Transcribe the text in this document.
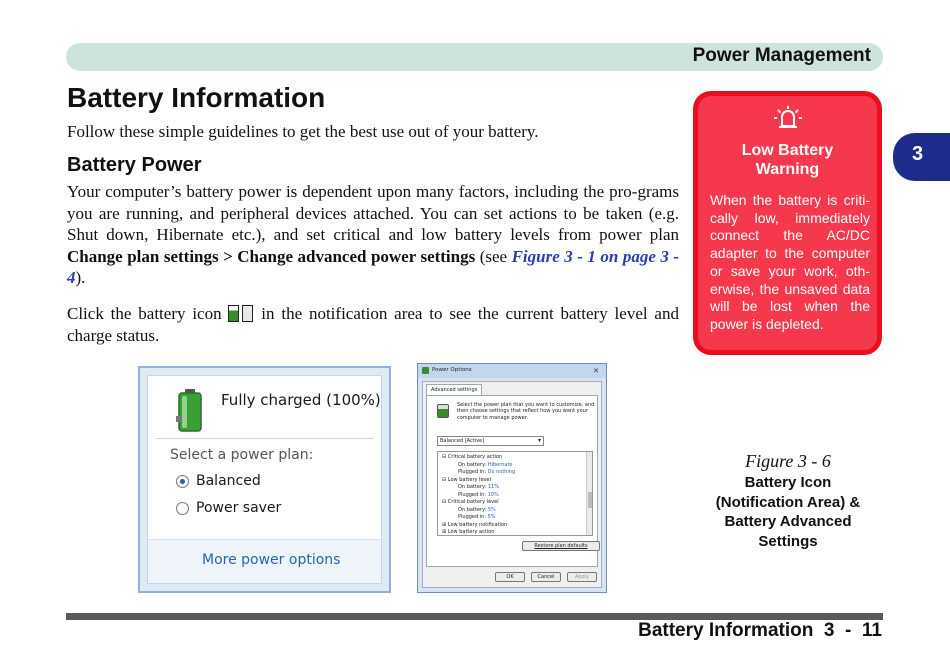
Power Management
3
Battery Information

Follow these simple guidelines to get the best use out of your battery.

Battery Power

Your computer’s battery power is dependent upon many factors, including the pro-grams you are running, and peripheral devices attached. You can set actions to be taken (e.g. Shut down, Hibernate etc.), and set critical and low battery levels from power plan Change plan settings > Change advanced power settings (see Figure 3 - 1 on page 3 - 4).

Click the battery icon
in the notification area to see the current battery level and charge status.

Low Battery
Warning
When the battery is criti-cally low, immediately connect the AC/DC adapter to the computer or save your work, oth-erwise, the unsaved data will be lost when the power is depleted.
Fully charged (100%)
Select a power plan:
Balanced
Power saver
More power options
Power Options	✕
Advanced settings
Select the power plan that you want to customize, and then choose settings that reflect how you want your computer to manage power.
Balanced [Active] ▾
⊟ Critical battery action
On battery: Hibernate
Plugged in: Do nothing
⊟ Low battery level
On battery: 11%
Plugged in: 10%
⊟ Critical battery level
On battery: 5%
Plugged in: 5%
⊞ Low battery notification
⊞ Low battery action
Restore plan defaults
OK	Cancel	Apply
Figure 3 - 6
Battery Icon
(Notification Area) &
Battery Advanced
Settings
Battery Information  3  -  11
